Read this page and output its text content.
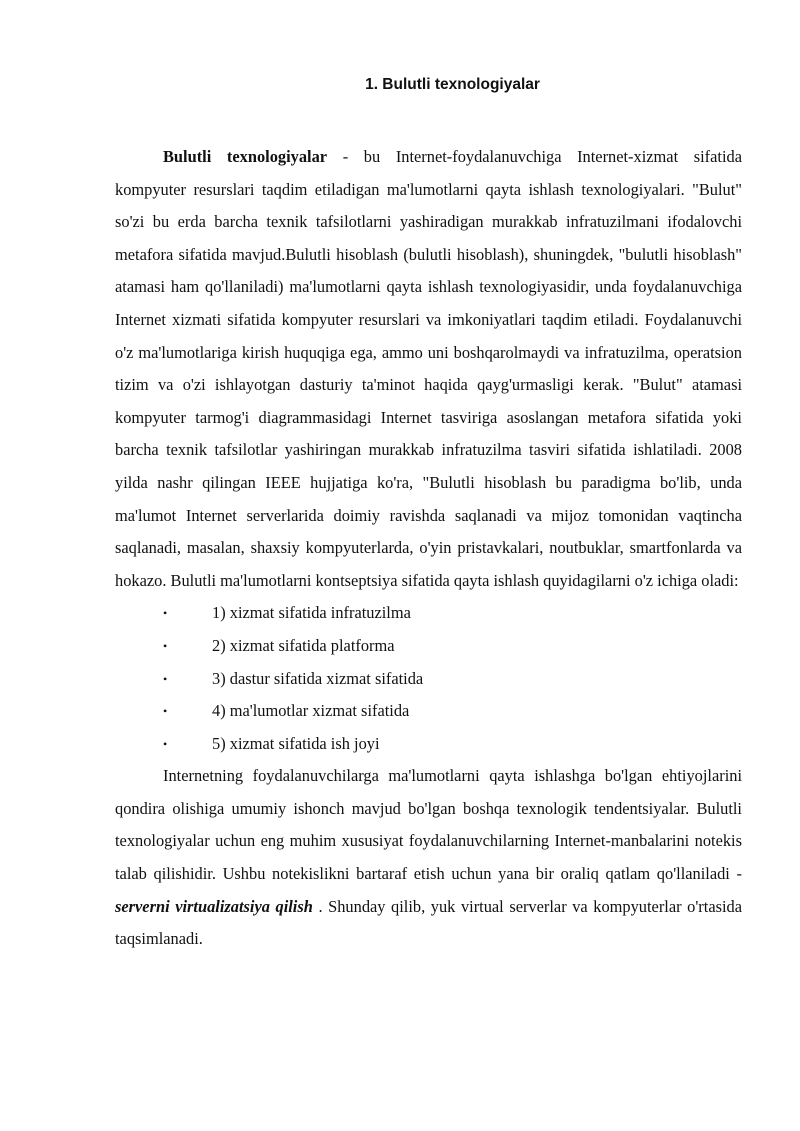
1. Bulutli texnologiyalar

Bulutli texnologiyalar - bu Internet-foydalanuvchiga Internet-xizmat sifatida kompyuter resurslari taqdim etiladigan ma'lumotlarni qayta ishlash texnologiyalari. "Bulut" so'zi bu erda barcha texnik tafsilotlarni yashiradigan murakkab infratuzilmani ifodalovchi metafora sifatida mavjud.Bulutli hisoblash (bulutli hisoblash), shuningdek, "bulutli hisoblash" atamasi ham qo'llaniladi) ma'lumotlarni qayta ishlash texnologiyasidir, unda foydalanuvchiga Internet xizmati sifatida kompyuter resurslari va imkoniyatlari taqdim etiladi. Foydalanuvchi o'z ma'lumotlariga kirish huquqiga ega, ammo uni boshqarolmaydi va infratuzilma, operatsion tizim va o'zi ishlayotgan dasturiy ta'minot haqida qayg'urmasligi kerak. "Bulut" atamasi kompyuter tarmog'i diagrammasidagi Internet tasviriga asoslangan metafora sifatida yoki barcha texnik tafsilotlar yashiringan murakkab infratuzilma tasviri sifatida ishlatiladi. 2008 yilda nashr qilingan IEEE hujjatiga ko'ra, "Bulutli hisoblash bu paradigma bo'lib, unda ma'lumot Internet serverlarida doimiy ravishda saqlanadi va mijoz tomonidan vaqtincha saqlanadi, masalan, shaxsiy kompyuterlarda, o'yin pristavkalari, noutbuklar, smartfonlarda va hokazo. Bulutli ma'lumotlarni kontseptsiya sifatida qayta ishlash quyidagilarni o'z ichiga oladi:

•	1) xizmat sifatida infratuzilma
•	2) xizmat sifatida platforma
•	3) dastur sifatida xizmat sifatida
•	4) ma'lumotlar xizmat sifatida
•	5) xizmat sifatida ish joyi

Internetning foydalanuvchilarga ma'lumotlarni qayta ishlashga bo'lgan ehtiyojlarini qondira olishiga umumiy ishonch mavjud bo'lgan boshqa texnologik tendentsiyalar. Bulutli texnologiyalar uchun eng muhim xususiyat foydalanuvchilarning Internet-manbalarini notekis talab qilishidir. Ushbu notekislikni bartaraf etish uchun yana bir oraliq qatlam qo'llaniladi - serverni virtualizatsiya qilish . Shunday qilib, yuk virtual serverlar va kompyuterlar o'rtasida taqsimlanadi.
